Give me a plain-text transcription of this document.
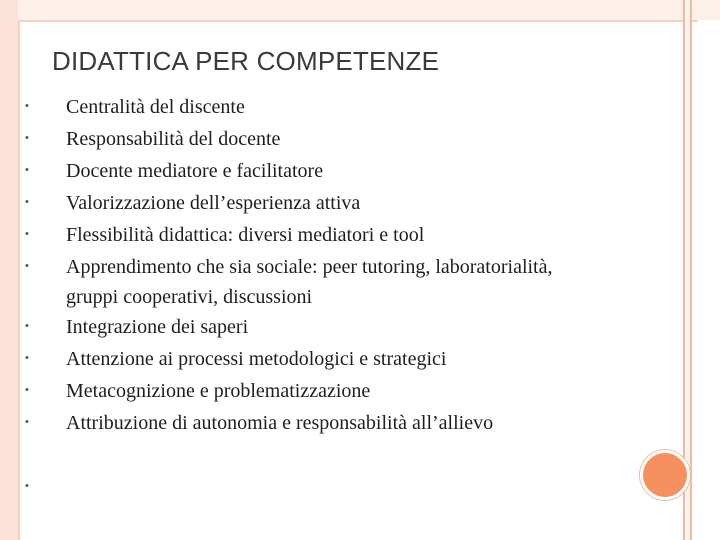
DIDATTICA PER COMPETENZE
• Centralità del discente
• Responsabilità del docente
• Docente mediatore e facilitatore
• Valorizzazione dell’esperienza attiva
• Flessibilità didattica: diversi mediatori e tool
• Apprendimento che sia sociale: peer tutoring, laboratorialità,
gruppi cooperativi, discussioni
• Integrazione dei saperi
• Attenzione ai processi metodologici e strategici
• Metacognizione e problematizzazione
• Attribuzione di autonomia e responsabilità all’allievo
•
